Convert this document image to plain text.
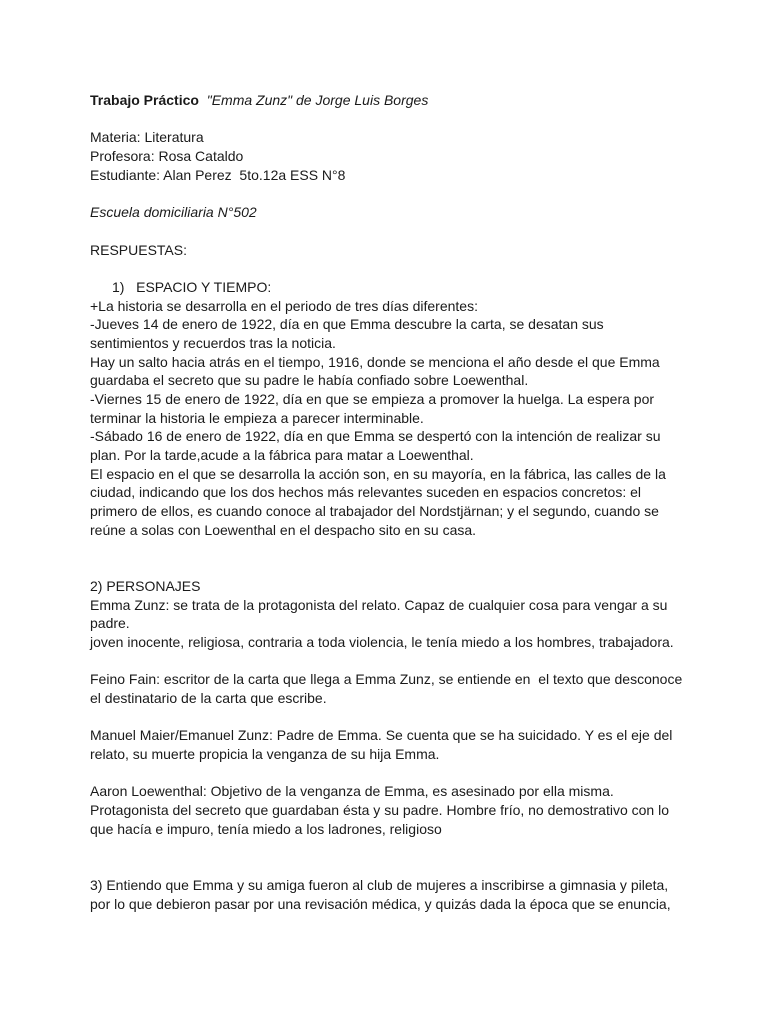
Trabajo Práctico "Emma Zunz" de Jorge Luis Borges
Materia: Literatura
Profesora: Rosa Cataldo
Estudiante: Alan Perez  5to.12a ESS N°8
Escuela domiciliaria N°502
RESPUESTAS:
1)   ESPACIO Y TIEMPO:
+La historia se desarrolla en el periodo de tres días diferentes:
-Jueves 14 de enero de 1922, día en que Emma descubre la carta, se desatan sus
sentimientos y recuerdos tras la noticia.
Hay un salto hacia atrás en el tiempo, 1916, donde se menciona el año desde el que Emma
guardaba el secreto que su padre le había confiado sobre Loewenthal.
-Viernes 15 de enero de 1922, día en que se empieza a promover la huelga. La espera por
terminar la historia le empieza a parecer interminable.
-Sábado 16 de enero de 1922, día en que Emma se despertó con la intención de realizar su
plan. Por la tarde,acude a la fábrica para matar a Loewenthal.
El espacio en el que se desarrolla la acción son, en su mayoría, en la fábrica, las calles de la
ciudad, indicando que los dos hechos más relevantes suceden en espacios concretos: el
primero de ellos, es cuando conoce al trabajador del Nordstjärnan; y el segundo, cuando se
reúne a solas con Loewenthal en el despacho sito en su casa.
2) PERSONAJES
Emma Zunz: se trata de la protagonista del relato. Capaz de cualquier cosa para vengar a su
padre.
joven inocente, religiosa, contraria a toda violencia, le tenía miedo a los hombres, trabajadora.
Feino Fain: escritor de la carta que llega a Emma Zunz, se entiende en  el texto que desconoce
el destinatario de la carta que escribe.
Manuel Maier/Emanuel Zunz: Padre de Emma. Se cuenta que se ha suicidado. Y es el eje del
relato, su muerte propicia la venganza de su hija Emma.
Aaron Loewenthal: Objetivo de la venganza de Emma, es asesinado por ella misma.
Protagonista del secreto que guardaban ésta y su padre. Hombre frío, no demostrativo con lo
que hacía e impuro, tenía miedo a los ladrones, religioso
3) Entiendo que Emma y su amiga fueron al club de mujeres a inscribirse a gimnasia y pileta,
por lo que debieron pasar por una revisación médica, y quizás dada la época que se enuncia,
